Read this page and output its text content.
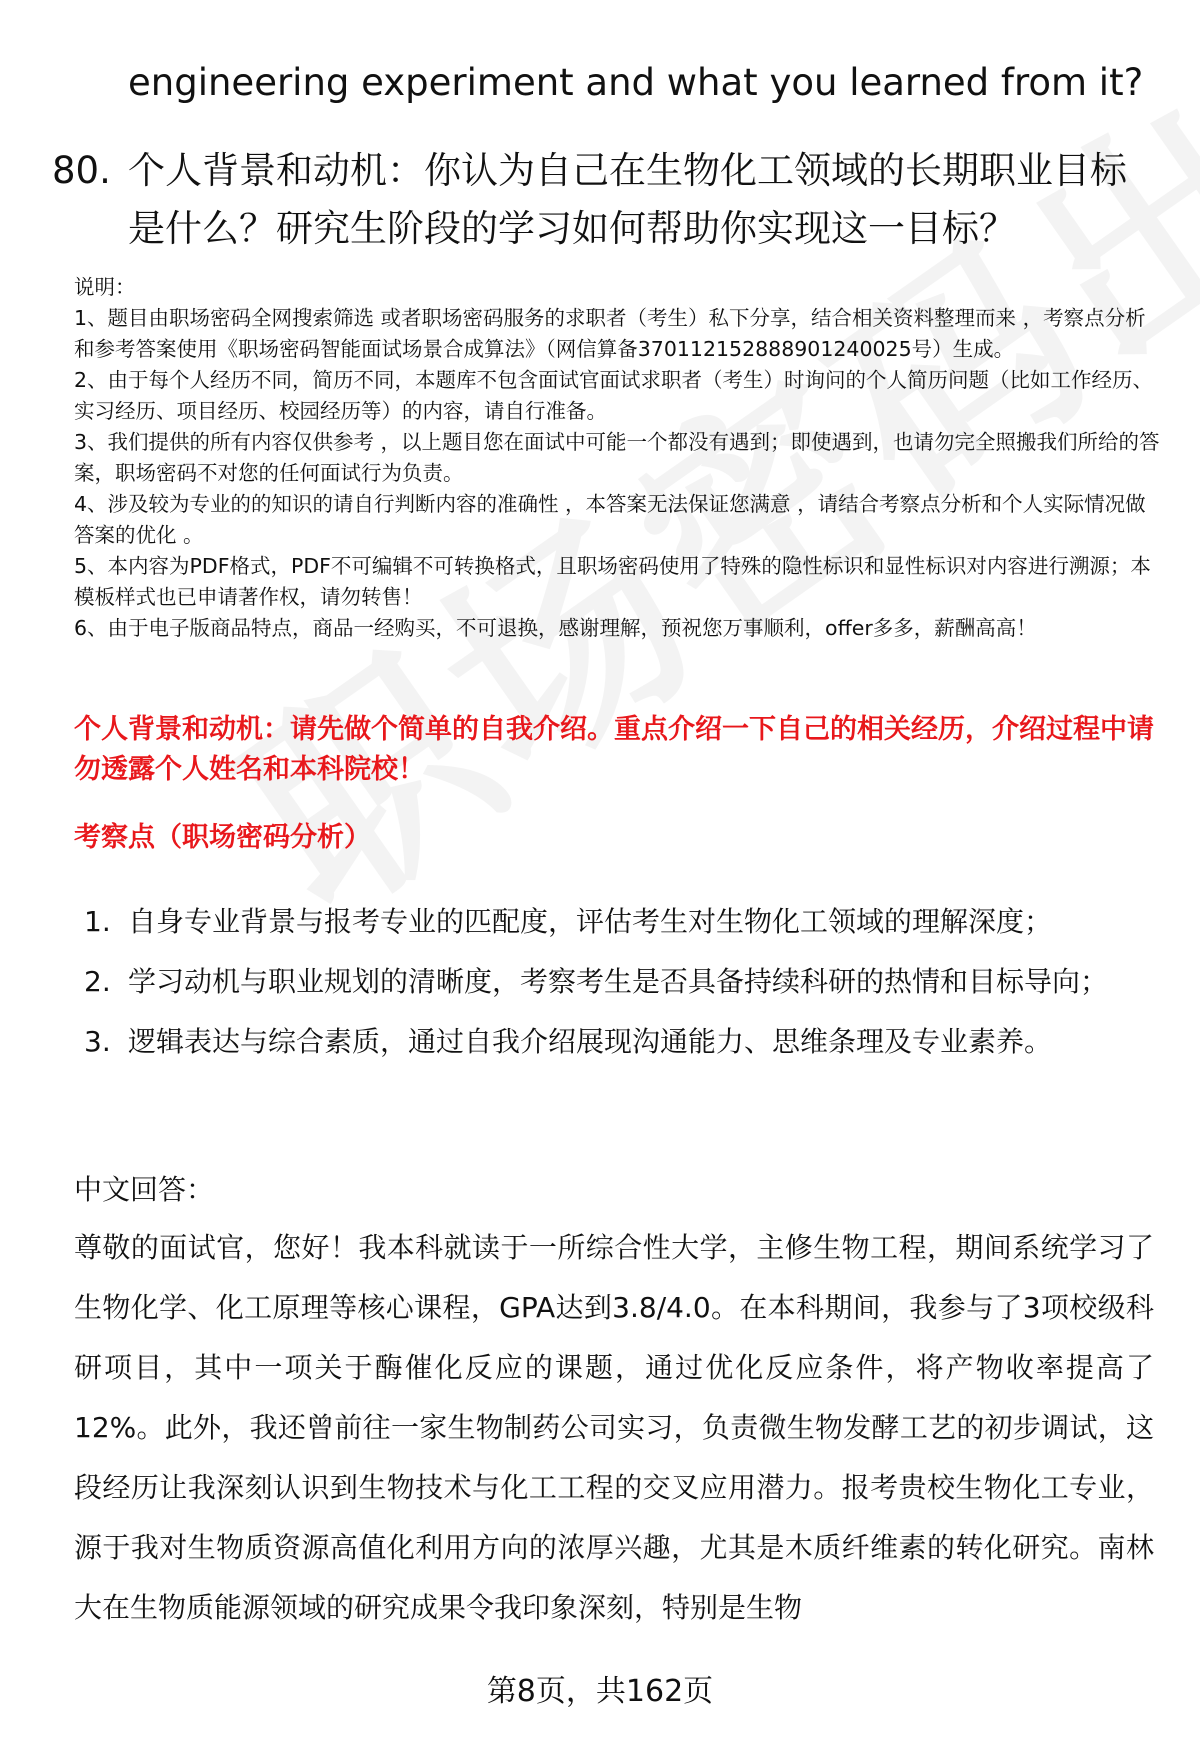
engineering experiment and what you learned from it?
80. 个人背景和动机：你认为自己在生物化工领域的长期职业目标是什么？研究生阶段的学习如何帮助你实现这一目标？

说明：

1、题目由职场密码全网搜索筛选 或者职场密码服务的求职者（考生）私下分享，结合相关资料整理而来 ，考察点分析和参考答案使用《职场密码智能面试场景合成算法》（网信算备370112152888901240025号）生成。

2、由于每个人经历不同，简历不同，本题库不包含面试官面试求职者（考生）时询问的个人简历问题（比如工作经历、实习经历、项目经历、校园经历等）的内容，请自行准备。

3、我们提供的所有内容仅供参考 ，以上题目您在面试中可能一个都没有遇到；即使遇到，也请勿完全照搬我们所给的答案，职场密码不对您的任何面试行为负责。

4、涉及较为专业的的知识的请自行判断内容的准确性 ，本答案无法保证您满意 ，请结合考察点分析和个人实际情况做答案的优化 。

5、本内容为PDF格式，PDF不可编辑不可转换格式，且职场密码使用了特殊的隐性标识和显性标识对内容进行溯源；本模板样式也已申请著作权，请勿转售！

6、由于电子版商品特点，商品一经购买，不可退换，感谢理解，预祝您万事顺利，offer多多，薪酬高高！

个人背景和动机：请先做个简单的自我介绍。重点介绍一下自己的相关经历，介绍过程中请勿透露个人姓名和本科院校！
考察点（职场密码分析）
1. 自身专业背景与报考专业的匹配度，评估考生对生物化工领域的理解深度；
2. 学习动机与职业规划的清晰度，考察考生是否具备持续科研的热情和目标导向；
3. 逻辑表达与综合素质，通过自我介绍展现沟通能力、思维条理及专业素养。
中文回答：
尊敬的面试官，您好！我本科就读于一所综合性大学，主修生物工程，期间系统学习了生物化学、化工原理等核心课程，GPA达到3.8/4.0。在本科期间，我参与了3项校级科研项目，其中一项关于酶催化反应的课题，通过优化反应条件，将产物收率提高了12%。此外，我还曾前往一家生物制药公司实习，负责微生物发酵工艺的初步调试，这段经历让我深刻认识到生物技术与化工工程的交叉应用潜力。报考贵校生物化工专业，源于我对生物质资源高值化利用方向的浓厚兴趣，尤其是木质纤维素的转化研究。南林大在生物质能源领域的研究成果令我印象深刻，特别是生物
第8页，共162页
